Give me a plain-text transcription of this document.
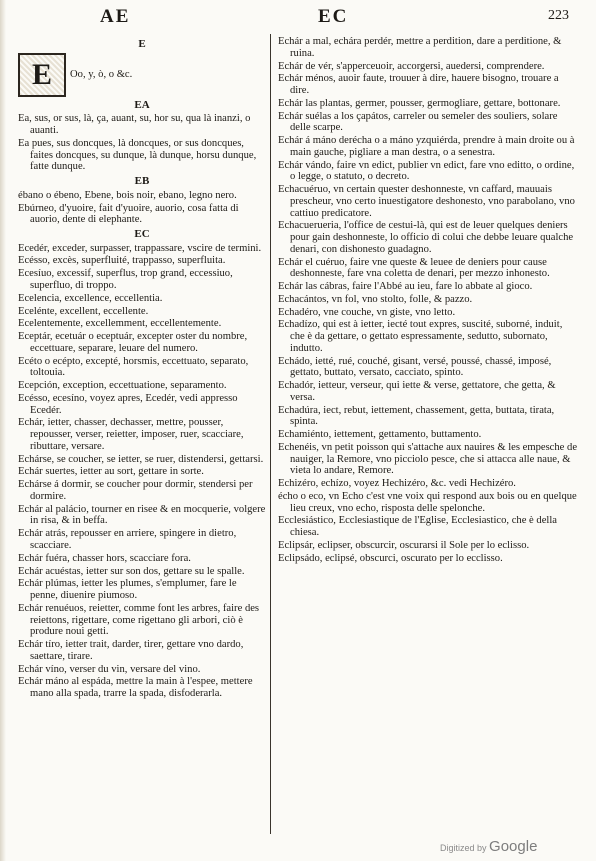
AE	EC	223
E
E	Oo, y, ò, o &c.
EA
Ea, sus, or sus, là, ça, auant, su, hor su, qua là inanzi, o auanti.
Ea pues, sus doncques, là doncques, or sus doncques, faites doncques, su dunque, là dunque, horsu dunque, fatte dunque.
EB
ébano o ébeno, Ebene, bois noir, ebano, legno nero.
Ebúrneo, d'yuoire, fait d'yuoire, auorio, cosa fatta di auorio, dente di elephante.
EC
Ecedér, exceder, surpasser, trappassare, vscire de termini.
Ecésso, excès, superfluité, trappasso, superfluita.
Ecesíuo, excessif, superflus, trop grand, eccessiuo, superfluo, di troppo.
Ecelencia, excellence, eccellentia.
Ecelénte, excellent, eccellente.
Ecelentemente, excellemment, eccellentemente.
Eceptár, ecetuár o eceptuár, excepter oster du nombre, eccettuare, separare, leuare del numero.
Ecéto o ecépto, excepté, horsmis, eccettuato, separato, toltouia.
Ecepción, exception, eccettuatione, separamento.
Ecésso, ecesíno, voyez apres, Ecedér, vedi appresso Ecedér.
Echár, ietter, chasser, dechasser, mettre, pousser, repousser, verser, reietter, imposer, ruer, scacciare, ributtare, versare.
Echárse, se coucher, se ietter, se ruer, distendersi, gettarsi.
Echár suertes, ietter au sort, gettare in sorte.
Echárse á dormir, se coucher pour dormir, stendersi per dormire.
Echár al palácio, tourner en risee & en mocquerie, volgere in risa, & in beffa.
Echár atrás, repousser en arriere, spingere in dietro, scacciare.
Echár fuéra, chasser hors, scacciare fora.
Echár acuéstas, ietter sur son dos, gettare su le spalle.
Echár plúmas, ietter les plumes, s'emplumer, fare le penne, diuenire piumoso.
Echár renuéuos, reietter, comme font les arbres, faire des reiettons, rigettare, come rigettano gli arbori, ciò è produre noui getti.
Echár tíro, ietter trait, darder, tirer, gettare vno dardo, saettare, tirare.
Echár víno, verser du vin, versare del vino.
Echár máno al espáda, mettre la main à l'espee, mettere mano alla spada, trarre la spada, disfoderarla.
Echár a mal, echára perdér, mettre a perdition, dare a perditione, & ruina.
Echár de vér, s'apperceuoir, accorgersi, auedersi, comprendere.
Echár ménos, auoir faute, trouuer à dire, hauere bisogno, trouare a dire.
Echár las plantas, germer, pousser, germogliare, gettare, bottonare.
Echár suélas a los çapátos, carreler ou semeler des souliers, solare delle scarpe.
Echár á máno derécha o a máno yzquiérda, prendre à main droite ou à main gauche, pigliare a man destra, o a senestra.
Echár vándo, faire vn edict, publier vn edict, fare vno editto, o ordine, o legge, o statuto, o decreto.
Echacuéruo, vn certain quester deshonneste, vn caffard, mauuais prescheur, vno certo inuestigatore deshonesto, vno parabolano, vno cattiuo predicatore.
Echacuerueria, l'office de cestui-là, qui est de leuer quelques deniers pour gain deshonneste, lo officio di colui che debbe leuare qualche denari, con dishonesto guadagno.
Echár el cuéruo, faire vne queste & leuee de deniers pour cause deshonneste, fare vna coletta de denari, per mezzo inhonesto.
Echár las cábras, faire l'Abbé au ieu, fare lo abbate al gioco.
Echacántos, vn fol, vno stolto, folle, & pazzo.
Echadéro, vne couche, vn giste, vno letto.
Echadízo, qui est à ietter, iecté tout expres, suscité, suborné, induit, che è da gettare, o gettato espressamente, sedutto, subornato, indutto.
Echádo, ietté, rué, couché, gisant, versé, poussé, chassé, imposé, gettato, buttato, versato, cacciato, spinto.
Echadór, ietteur, verseur, qui iette & verse, gettatore, che getta, & versa.
Echadúra, iect, rebut, iettement, chassement, getta, buttata, tirata, spinta.
Echamiénto, iettement, gettamento, buttamento.
Echenéis, vn petit poisson qui s'attache aux nauires & les empesche de nauiger, la Remore, vno picciolo pesce, che si attacca alle naue, & vieta lo andare, Remore.
Echizéro, echízo, voyez Hechizéro, &c. vedi Hechizéro.
écho o eco, vn Echo c'est vne voix qui respond aux bois ou en quelque lieu creux, vno echo, risposta delle spelonche.
Ecclesiástico, Ecclesiastique de l'Eglise, Ecclesiastico, che è della chiesa.
Eclipsár, eclipser, obscurcir, oscurarsi il Sole per lo eclisso.
Eclipsádo, eclipsé, obscurci, oscurato per lo ecclisso.
Digitized by Google
